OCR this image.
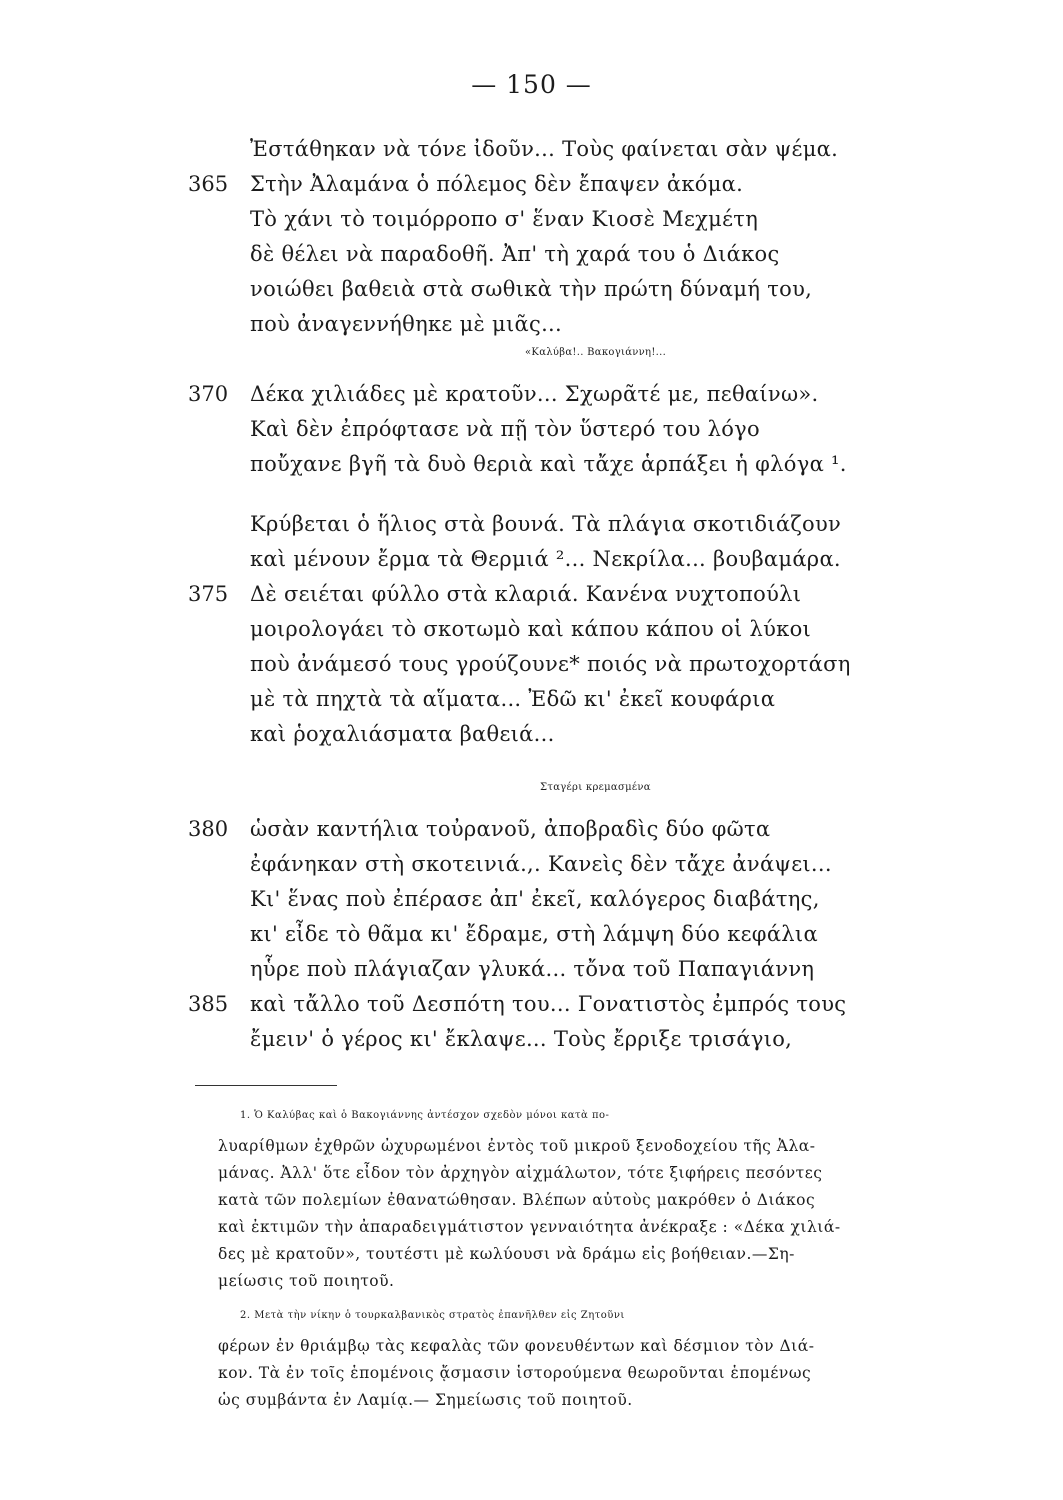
— 150 —
Ἐστάθηκαν νὰ τόνε ἰδοῦν... Τοὺς φαίνεται σὰν ψέμα.
365 Στὴν Ἀλαμάνα ὁ πόλεμος δὲν ἔπαψεν ἀκόμα.
Τὸ χάνι τὸ τοιμόρροπο σ' ἕναν Κιοσὲ Μεχμέτη
δὲ θέλει νὰ παραδοθῆ. Ἀπ' τὴ χαρά του ὁ Διάκος
νοιώθει βαθειὰ στὰ σωθικὰ τὴν πρώτη δύναμή του,
ποὺ ἀναγεννήθηκε μὲ μιᾶς...
«Καλύβα!.. Βακογιάννη!...
370 Δέκα χιλιάδες μὲ κρατοῦν... Σχωρᾶτέ με, πεθαίνω».
Καὶ δὲν ἐπρόφτασε νὰ πῇ τὸν ὕστερό του λόγο
ποὔχανε βγῆ τὰ δυὸ θεριὰ καὶ τἄχε ἁρπάξει ἡ φλόγα ¹.
Κρύβεται ὁ ἥλιος στὰ βουνά. Τὰ πλάγια σκοτιδιάζουν
καὶ μένουν ἔρμα τὰ Θερμιά ²... Νεκρίλα... βουβαμάρα.
375 Δὲ σειέται φύλλο στὰ κλαριά. Κανένα νυχτοπούλι
μοιρολογάει τὸ σκοτωμὸ καὶ κάπου κάπου οἱ λύκοι
ποὺ ἀνάμεσό τους γρούζουνε* ποιός νὰ πρωτοχορτάση
μὲ τὰ πηχτὰ τὰ αἵματα... Ἐδῶ κι' ἐκεῖ κουφάρια
καὶ ῥοχαλιάσματα βαθειά...
Σταγέρι κρεμασμένα
380 ὡσὰν καντήλια τοὐρανοῦ, ἀποβραδὶς δύο φῶτα
ἐφάνηκαν στὴ σκοτεινιά.,. Κανεὶς δὲν τἄχε ἀνάψει...
Κι' ἕνας ποὺ ἐπέρασε ἀπ' ἐκεῖ, καλόγερος διαβάτης,
κι' εἶδε τὸ θᾶμα κι' ἔδραμε, στὴ λάμψη δύο κεφάλια
ηὗρε ποὺ πλάγιαζαν γλυκά... τὄνα τοῦ Παπαγιάννη
385 καὶ τἄλλο τοῦ Δεσπότη του... Γονατιστὸς ἐμπρός τους
ἔμειν' ὁ γέρος κι' ἔκλαψε... Τοὺς ἔρριξε τρισάγιο,
1. Ὁ Καλύβας καὶ ὁ Βακογιάννης ἀντέσχον σχεδὸν μόνοι κατὰ πο-
λυαρίθμων ἐχθρῶν ὠχυρωμένοι ἐντὸς τοῦ μικροῦ ξενοδοχείου τῆς Ἀλα-
μάνας. Ἀλλ' ὅτε εἶδον τὸν ἀρχηγὸν αἰχμάλωτον, τότε ξιφήρεις πεσόντες
κατὰ τῶν πολεμίων ἐθανατώθησαν. Βλέπων αὐτοὺς μακρόθεν ὁ Διάκος
καὶ ἐκτιμῶν τὴν ἀπαραδειγμάτιστον γενναιότητα ἀνέκραξε : «Δέκα χιλιά-
δες μὲ κρατοῦν», τουτέστι μὲ κωλύουσι νὰ δράμω εἰς βοήθειαν.—Ση-
μείωσις τοῦ ποιητοῦ.
2. Μετὰ τὴν νίκην ὁ τουρκαλβανικὸς στρατὸς ἐπανῆλθεν εἰς Ζητοῦνι
φέρων ἐν θριάμβῳ τὰς κεφαλὰς τῶν φονευθέντων καὶ δέσμιον τὸν Διά-
κον. Τὰ ἐν τοῖς ἑπομένοις ᾄσμασιν ἱστορούμενα θεωροῦνται ἑπομένως
ὡς συμβάντα ἐν Λαμίᾳ.— Σημείωσις τοῦ ποιητοῦ.
